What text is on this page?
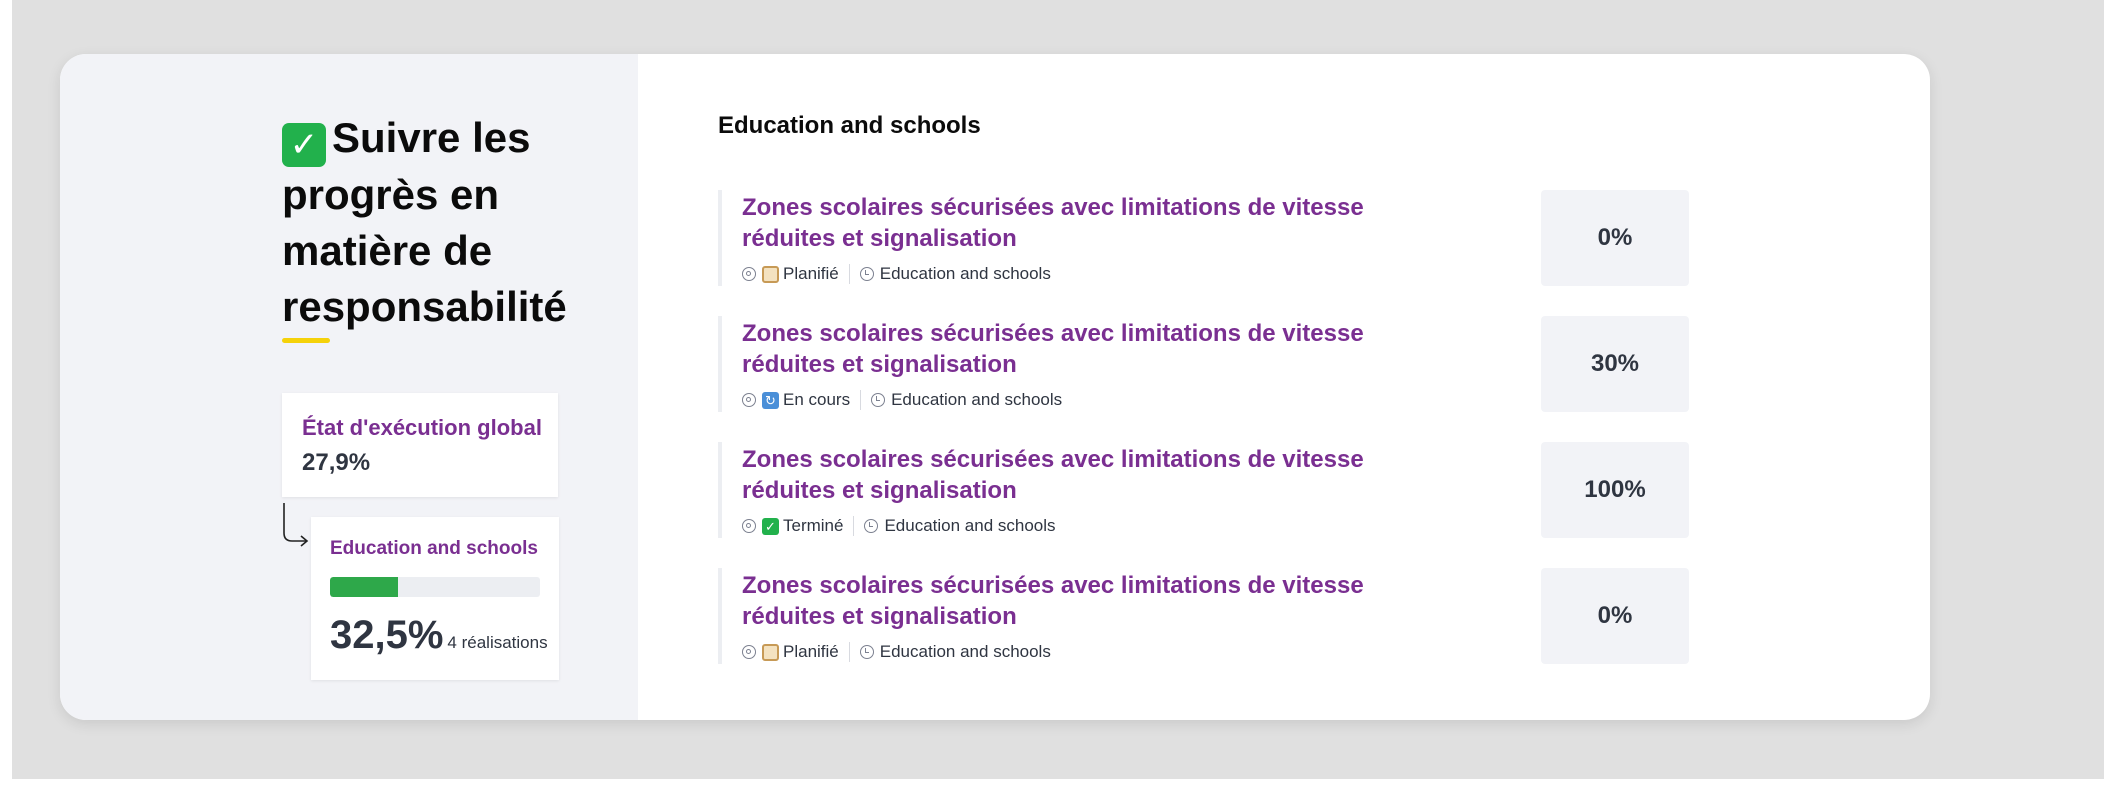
✓ Suivre les progrès en matière de responsabilité
État d'exécution global
27,9%
Education and schools
32,5% 4 réalisations
Education and schools
Zones scolaires sécurisées avec limitations de vitesse réduites et signalisation
Planifié Education and schools
0%
Zones scolaires sécurisées avec limitations de vitesse réduites et signalisation
↻ En cours Education and schools
30%
Zones scolaires sécurisées avec limitations de vitesse réduites et signalisation
✓ Terminé Education and schools
100%
Zones scolaires sécurisées avec limitations de vitesse réduites et signalisation
Planifié Education and schools
0%
